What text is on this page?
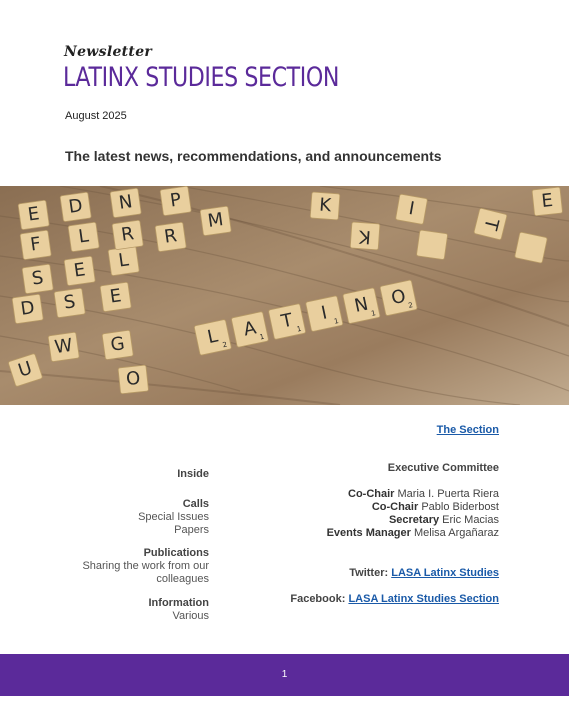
Newsletter
LATINX STUDIES SECTION
August 2025
The latest news, recommendations, and announcements
E D N P
R
M
F L
S E L
R
D S E
W G
U	O
K
K
I
T
E
L 2
A 1
T 1
I 1
N 1
O 2
The Section
Inside
Calls
Special Issues
Papers
Publications
Sharing the work from our
colleagues
Information
Various
Executive Committee
Co-Chair Maria I. Puerta Riera
Co-Chair Pablo Biderbost
Secretary Eric Macias
Events Manager Melisa Argañaraz
Twitter: LASA Latinx Studies
Facebook: LASA Latinx Studies Section
1
